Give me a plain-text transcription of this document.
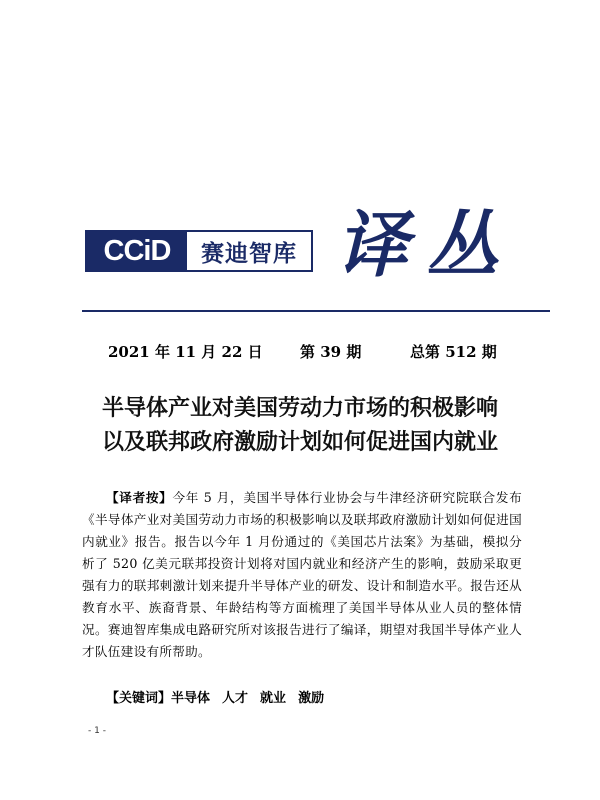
CCiD	赛迪智库 译 丛
2021 年 11 月 22 日 第 39 期	总第 512 期
半导体产业对美国劳动力市场的积极影响
以及联邦政府激励计划如何促进国内就业
【译者按】今年 5 月，美国半导体行业协会与牛津经济研究院联合发布《半导体产业对美国劳动力市场的积极影响以及联邦政府激励计划如何促进国内就业》报告。报告以今年 1 月份通过的《美国芯片法案》为基础，模拟分析了 520 亿美元联邦投资计划将对国内就业和经济产生的影响，鼓励采取更强有力的联邦刺激计划来提升半导体产业的研发、设计和制造水平。报告还从教育水平、族裔背景、年龄结构等方面梳理了美国半导体从业人员的整体情况。赛迪智库集成电路研究所对该报告进行了编译，期望对我国半导体产业人才队伍建设有所帮助。
【关键词】半导体 人才 就业 激励
- 1 -
